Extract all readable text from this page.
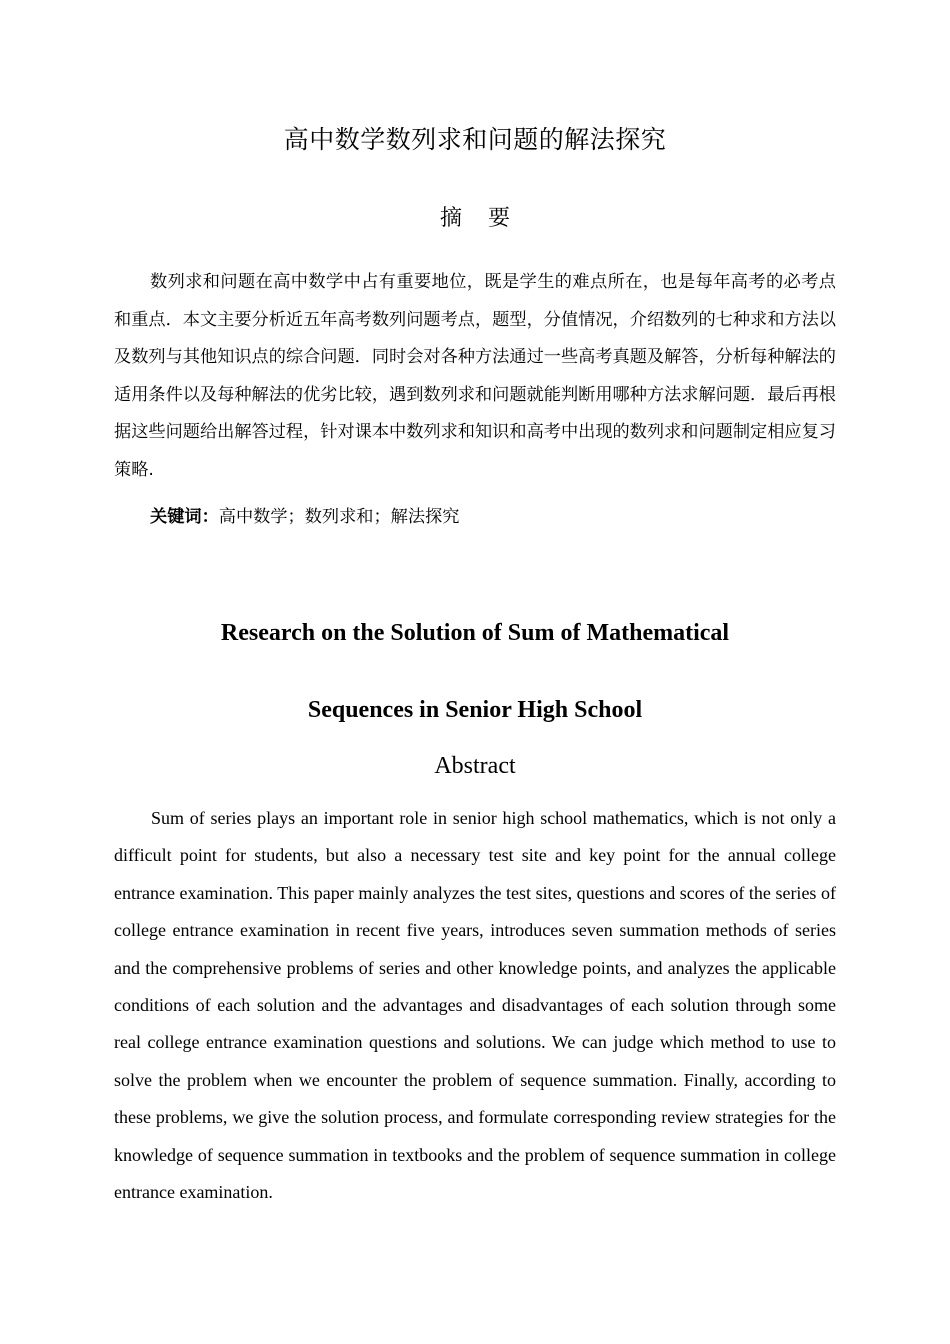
高中数学数列求和问题的解法探究
摘要

数列求和问题在高中数学中占有重要地位，既是学生的难点所在，也是每年高考的必考点和重点．本文主要分析近五年高考数列问题考点，题型，分值情况，介绍数列的七种求和方法以及数列与其他知识点的综合问题．同时会对各种方法通过一些高考真题及解答，分析每种解法的适用条件以及每种解法的优劣比较，遇到数列求和问题就能判断用哪种方法求解问题．最后再根据这些问题给出解答过程，针对课本中数列求和知识和高考中出现的数列求和问题制定相应复习策略.

关键词：高中数学；数列求和；解法探究
Research on the Solution of Sum of Mathematical
Sequences in Senior High School
Abstract

Sum of series plays an important role in senior high school mathematics, which is not only a difficult point for students, but also a necessary test site and key point for the annual college entrance examination. This paper mainly analyzes the test sites, questions and scores of the series of college entrance examination in recent five years, introduces seven summation methods of series and the comprehensive problems of series and other knowledge points, and analyzes the applicable conditions of each solution and the advantages and disadvantages of each solution through some real college entrance examination questions and solutions. We can judge which method to use to solve the problem when we encounter the problem of sequence summation. Finally, according to these problems, we give the solution process, and formulate corresponding review strategies for the knowledge of sequence summation in textbooks and the problem of sequence summation in college entrance examination.
